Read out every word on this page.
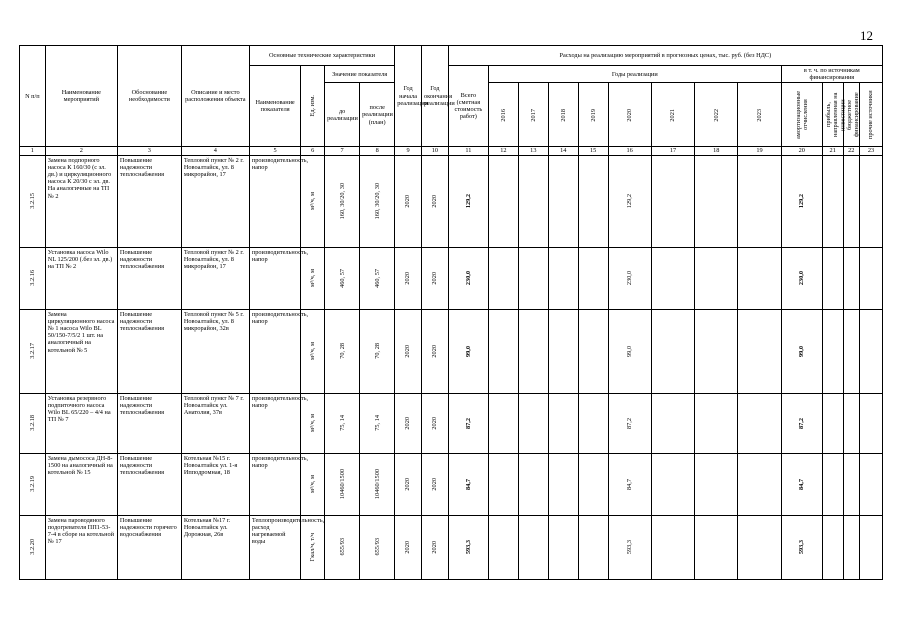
12
N п/п	Наименование мероприятий	Обоснование необходимости	Описание и место расположения объекта	Основные технические характеристики				Год начала реализации	Год окончания реализации	Расходы на реализацию мероприятий в прогнозных ценах, тыс. руб. (без НДС)												
				Наименование показателя	Ед. изм.	Значение показателя				Всего (сметная стоимость работ)	Годы реализации								в т. ч. по источникам финансирования			
						до реализации	после реализации (план)				2016	2017	2018	2019	2020	2021	2022	2023	амортизационные отчисления	прибыль, направленная на инвестиции	бюджетное финансирование	прочие источники

1	2	3	4	5	6	7	8	9	10	11	12	13	14	15	16	17	18	19	20	21	22	23

3.2.15	Замена подпорного насоса К 160/30 (с эл. дв.) и циркуляционного насоса К 20/30 с эл. дв. На аналогичные на ТП № 2	Повышение надежности теплоснабжения	Тепловой пункт № 2 г. Новоалтайск, ул. 8 микрорайон, 17	производительность, напор	м³/ч, м	160, 30/20, 30	160, 30/20, 30	2020	2020	129,2					129,2				129,2			

3.2.16	Установка насоса Wilo NL 125/200 (.без эл. дв.) на ТП № 2	Повышение надежности теплоснабжения	Тепловой пункт № 2 г. Новоалтайск, ул. 8 микрорайон, 17	производительность, напор	м³/ч, м	460, 57	460, 57	2020	2020	230,0					230,0				230,0			

3.2.17	Замена циркуляционного насоса № 1 насоса Wilo BL 50/150-7/5/2 1 шт. на аналогичный на котельной № 5	Повышение надежности теплоснабжения	Тепловой пункт № 5 г. Новоалтайск, ул. 8 микрорайон, 32в	производительность, напор	м³/ч, м	70, 28	70, 28	2020	2020	99,0					99,0				99,0			

3.2.18	Установка резервного подпиточного насоса Wilo BL 65/220 – 4/4 на ТП № 7	Повышение надежности теплоснабжения	Тепловой пункт № 7 г. Новоалтайск ул. Анатолия, 37в	производительность, напор	м³/ч, м	75, 14	75, 14	2020	2020	87,2					87,2				87,2			

3.2.19	Замена дымососа ДН-8-1500 на аналогичный на котельной № 15	Повышение надежности теплоснабжения	Котельная №15 г. Новоалтайск ул. 1-я Ипподромная, 18	производительность, напор	м³/ч, м	10460/1500	10460/1500	2020	2020	84,7					84,7				84,7			

3.2.20	Замена пароводяного подогревателя ПП1-53-7-4 в сборе на котельной № 17	Повышение надежности горячего водоснабжения	Котельная №17 г. Новоалтайск ул. Дорожная, 26в	Теплопроизводительность, расход нагреваемой воды	Гкал/ч, т/ч	655/93	655/93	2020	2020	593,3					593,3				593,3			
